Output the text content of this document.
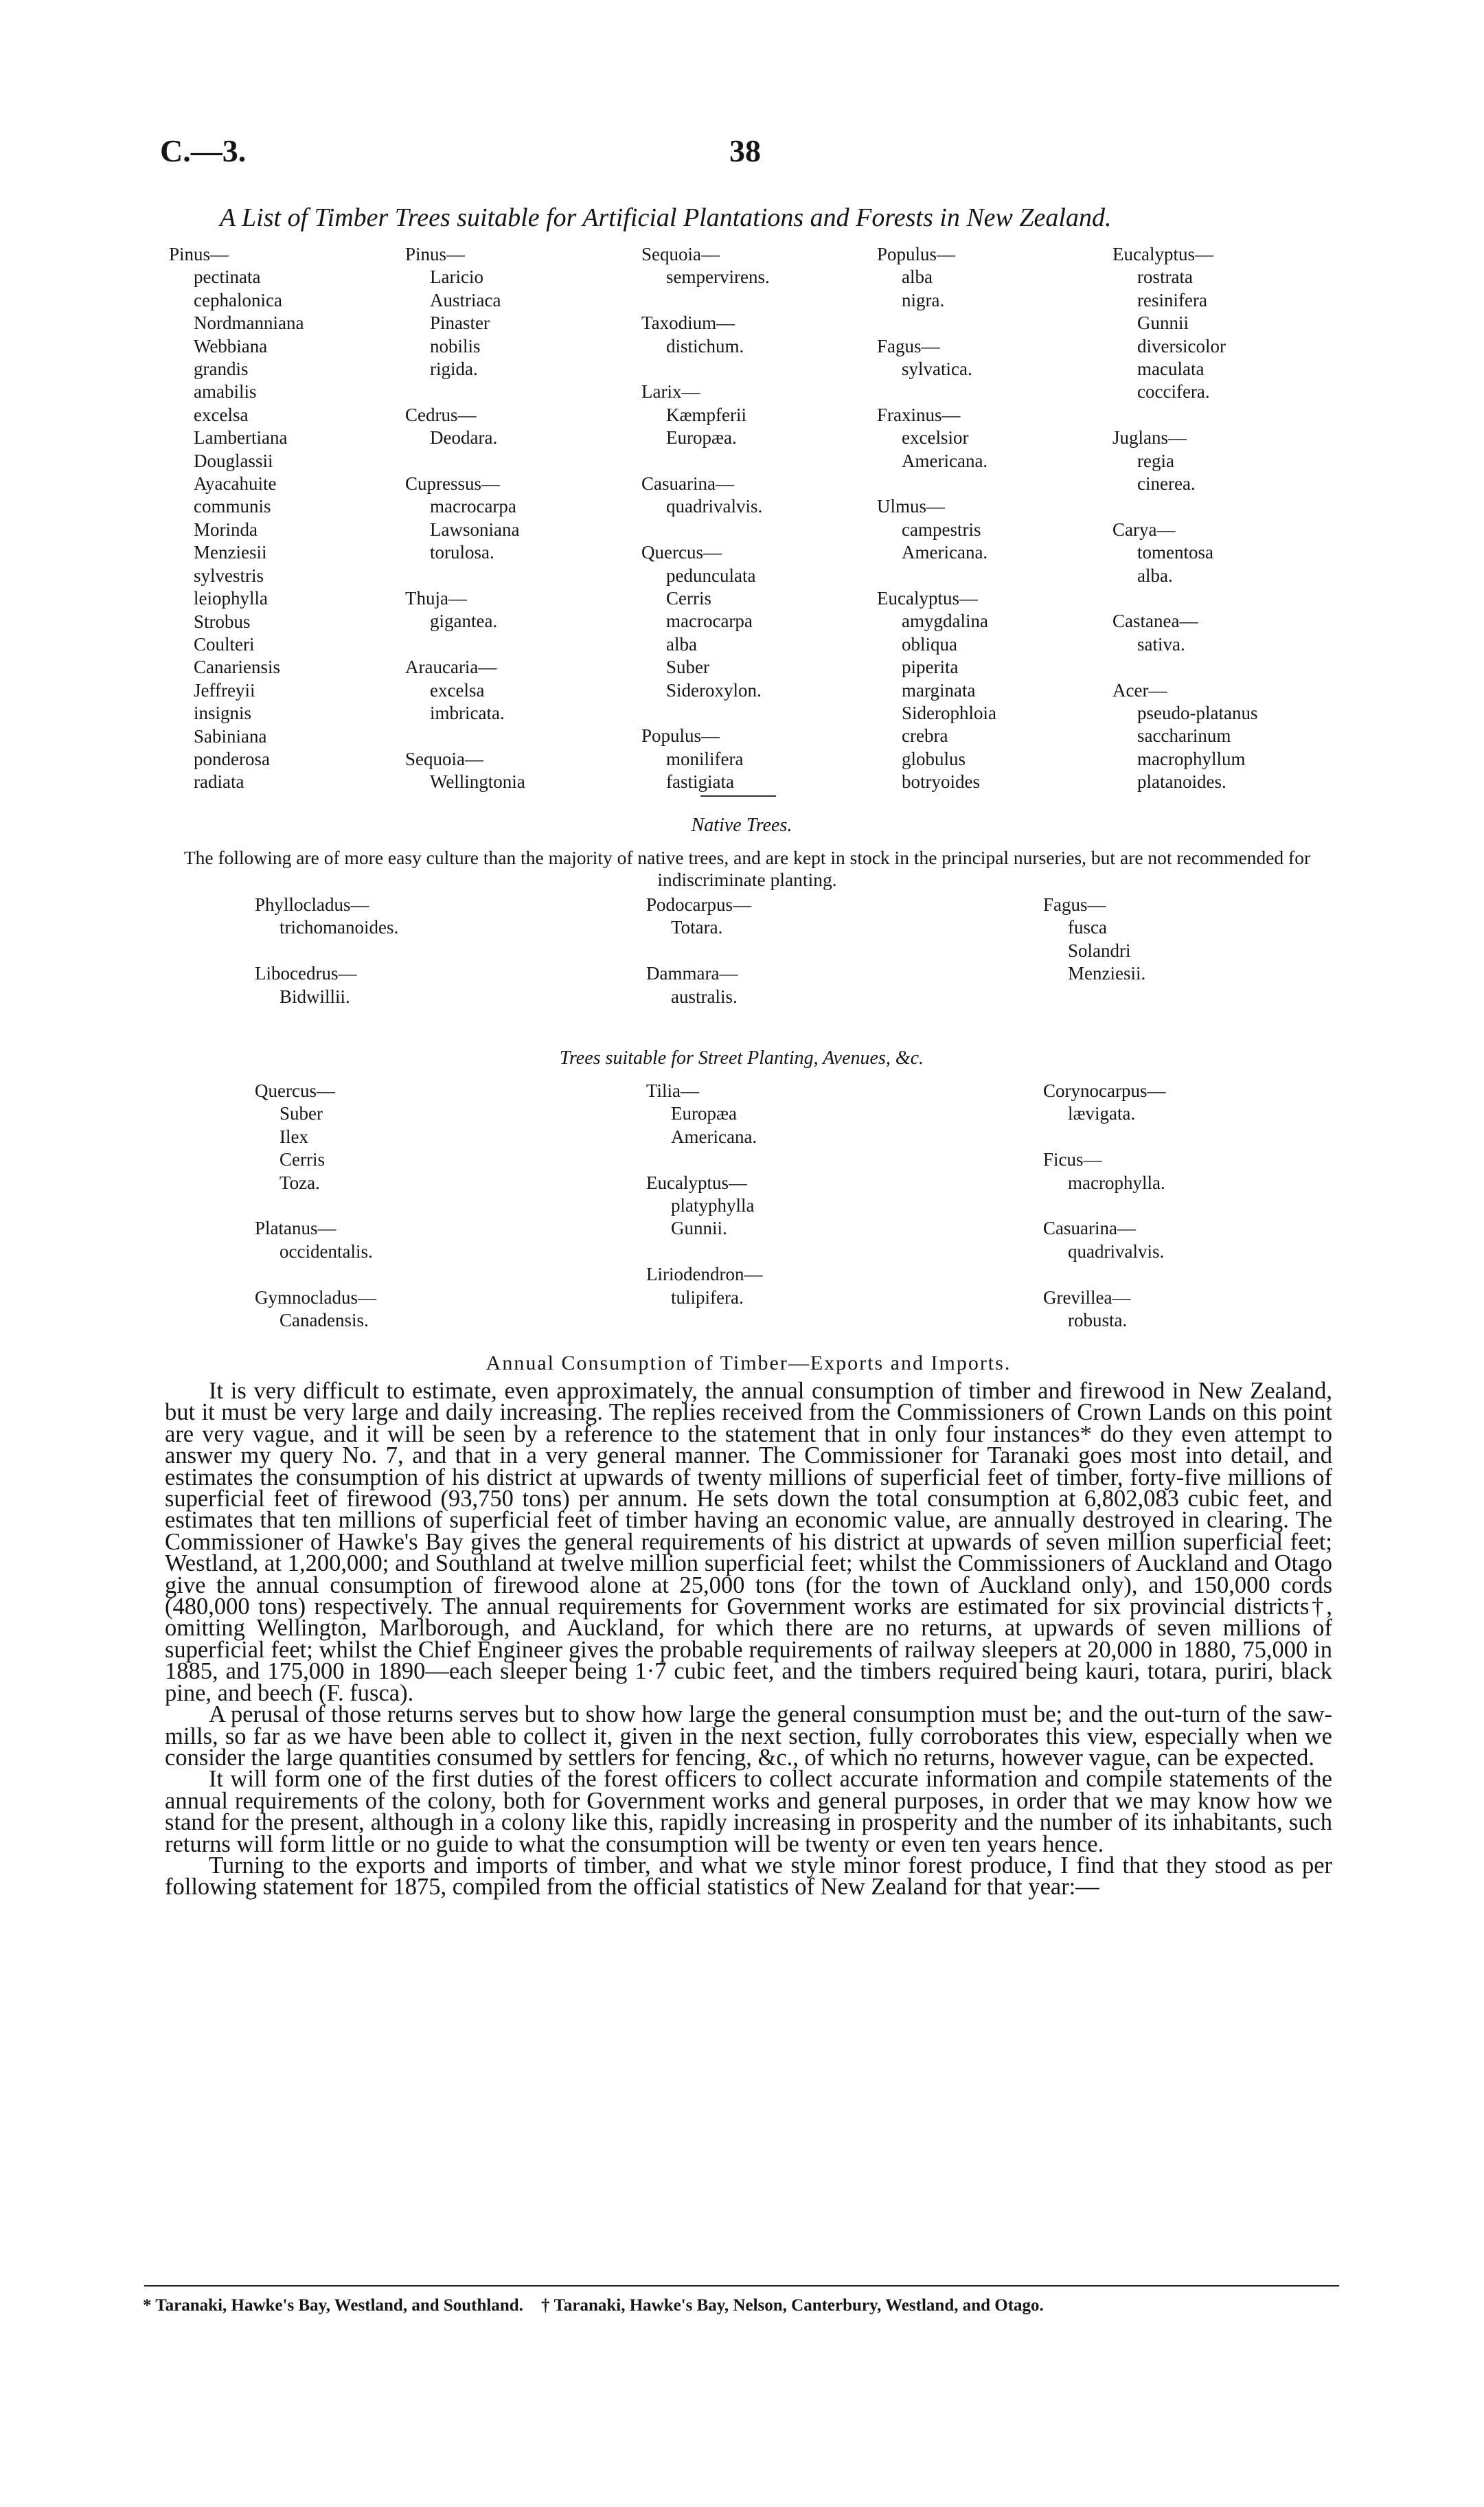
C.—3.	38
A List of Timber Trees suitable for Artificial Plantations and Forests in New Zealand.
Pinus—
pectinata
cephalonica
Nordmanniana
Webbiana
grandis
amabilis
excelsa
Lambertiana
Douglassii
Ayacahuite
communis
Morinda
Menziesii
sylvestris
leiophylla
Strobus
Coulteri
Canariensis
Jeffreyii
insignis
Sabiniana
ponderosa
radiata
Pinus—
Laricio
Austriaca
Pinaster
nobilis
rigida.
Cedrus—
Deodara.
Cupressus—
macrocarpa
Lawsoniana
torulosa.
Thuja—
gigantea.
Araucaria—
excelsa
imbricata.
Sequoia—
Wellingtonia
Sequoia—
sempervirens.
Taxodium—
distichum.
Larix—
Kæmpferii
Europæa.
Casuarina—
quadrivalvis.
Quercus—
pedunculata
Cerris
macrocarpa
alba
Suber
Sideroxylon.
Populus—
monilifera
fastigiata
Populus—
alba
nigra.
Fagus—
sylvatica.
Fraxinus—
excelsior
Americana.
Ulmus—
campestris
Americana.
Eucalyptus—
amygdalina
obliqua
piperita
marginata
Siderophloia
crebra
globulus
botryoides
Eucalyptus—
rostrata
resinifera
Gunnii
diversicolor
maculata
coccifera.
Juglans—
regia
cinerea.
Carya—
tomentosa
alba.
Castanea—
sativa.
Acer—
pseudo-platanus
saccharinum
macrophyllum
platanoides.
Native Trees.
The following are of more easy culture than the majority of native trees, and are kept in stock in the principal nurseries, but are not recommended for indiscriminate planting.
Phyllocladus—
trichomanoides.
Libocedrus—
Bidwillii.
Podocarpus—
Totara.
Dammara—
australis.
Fagus—
fusca
Solandri
Menziesii.
Trees suitable for Street Planting, Avenues, &c.
Quercus—
Suber
Ilex
Cerris
Toza.
Platanus—
occidentalis.
Gymnocladus—
Canadensis.
Tilia—
Europæa
Americana.
Eucalyptus—
platyphylla
Gunnii.
Liriodendron—
tulipifera.
Corynocarpus—
lævigata.
Ficus—
macrophylla.
Casuarina—
quadrivalvis.
Grevillea—
robusta.
Annual Consumption of Timber—Exports and Imports.

It is very difficult to estimate, even approximately, the annual consumption of timber and firewood in New Zealand, but it must be very large and daily increasing. The replies received from the Commissioners of Crown Lands on this point are very vague, and it will be seen by a reference to the statement that in only four instances* do they even attempt to answer my query No. 7, and that in a very general manner. The Commissioner for Taranaki goes most into detail, and estimates the consumption of his district at upwards of twenty millions of superficial feet of timber, forty-five millions of superficial feet of firewood (93,750 tons) per annum. He sets down the total consumption at 6,802,083 cubic feet, and estimates that ten millions of superficial feet of timber having an economic value, are annually destroyed in clearing. The Commissioner of Hawke's Bay gives the general requirements of his district at upwards of seven million superficial feet; Westland, at 1,200,000; and Southland at twelve million superficial feet; whilst the Commissioners of Auckland and Otago give the annual consumption of firewood alone at 25,000 tons (for the town of Auckland only), and 150,000 cords (480,000 tons) respectively. The annual requirements for Government works are estimated for six provincial districts†, omitting Wellington, Marlborough, and Auckland, for which there are no returns, at upwards of seven millions of superficial feet; whilst the Chief Engineer gives the probable requirements of railway sleepers at 20,000 in 1880, 75,000 in 1885, and 175,000 in 1890—each sleeper being 1·7 cubic feet, and the timbers required being kauri, totara, puriri, black pine, and beech (F. fusca).

A perusal of those returns serves but to show how large the general consumption must be; and the out-turn of the saw-mills, so far as we have been able to collect it, given in the next section, fully corroborates this view, especially when we consider the large quantities consumed by settlers for fencing, &c., of which no returns, however vague, can be expected.

It will form one of the first duties of the forest officers to collect accurate information and compile statements of the annual requirements of the colony, both for Government works and general purposes, in order that we may know how we stand for the present, although in a colony like this, rapidly increasing in prosperity and the number of its inhabitants, such returns will form little or no guide to what the consumption will be twenty or even ten years hence.

Turning to the exports and imports of timber, and what we style minor forest produce, I find that they stood as per following statement for 1875, compiled from the official statistics of New Zealand for that year:—

* Taranaki, Hawke's Bay, Westland, and Southland. † Taranaki, Hawke's Bay, Nelson, Canterbury, Westland, and Otago.
